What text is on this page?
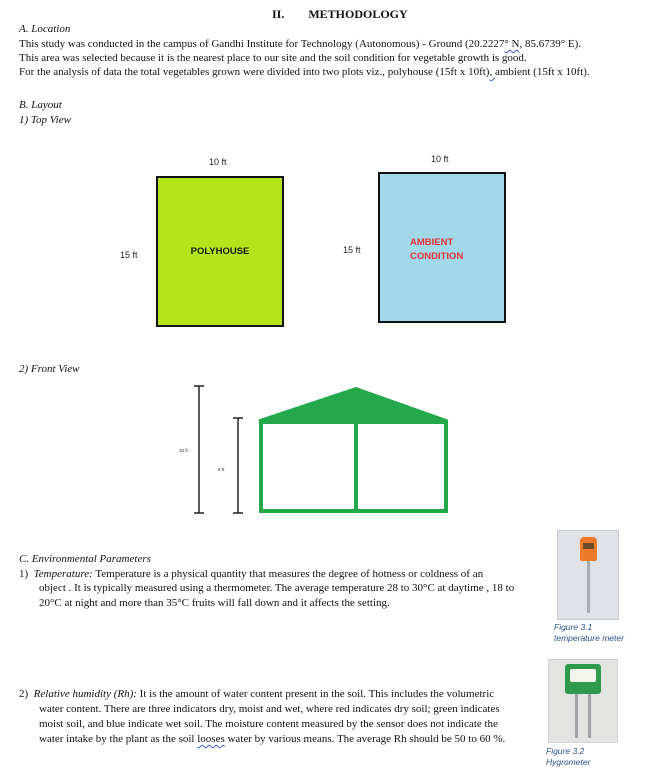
II.  METHODOLOGY
A. Location
This study was conducted in the campus of Gandhi Institute for Technology (Autonomous) - Ground (20.2227° N, 85.6739° E).
This area was selected because it is the nearest place to our site and the soil condition for vegetable growth is good.
For the analysis of data the total vegetables grown were divided into two plots viz., polyhouse (15ft x 10ft), ambient (15ft x 10ft).
B. Layout
1) Top View
10 ft
15 ft	POLYHOUSE
10 ft
15 ft
AMBIENT
CONDITION
2) Front View
10 ft
8 ft
C. Environmental Parameters
1) Temperature: Temperature is a physical quantity that measures the degree of hotness or coldness of an
object . It is typically measured using a thermometer. The average temperature 28 to 30°C at daytime , 18 to
20°C at night and more than 35°C fruits will fall down and it affects the setting.
Figure 3.1
temperature meter
2) Relative humidity (Rh): It is the amount of water content present in the soil. This includes the volumetric
water content. There are three indicators dry, moist and wet, where red indicates dry soil; green indicates
moist soil, and blue indicate wet soil. The moisture content measured by the sensor does not indicate the
water intake by the plant as the soil looses water by various means. The average Rh should be 50 to 60 %.
Figure 3.2
Hygrometer
